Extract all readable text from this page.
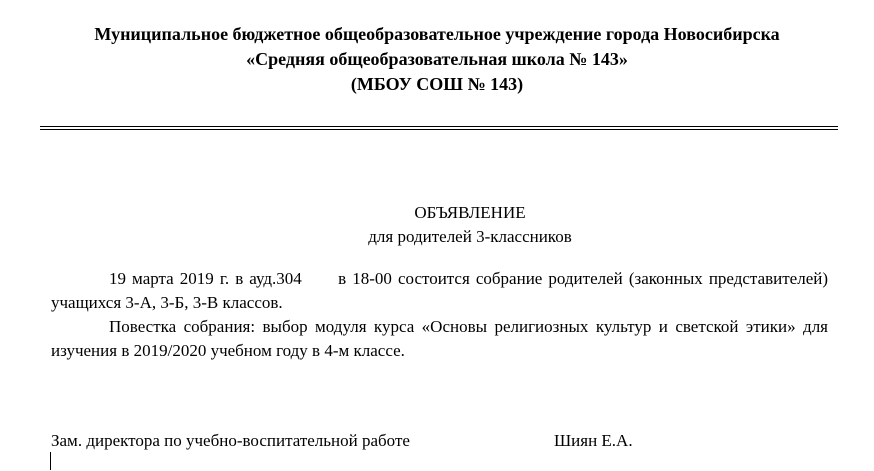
Муниципальное бюджетное общеобразовательное учреждение города Новосибирска
«Средняя общеобразовательная школа № 143»
(МБОУ СОШ № 143)
ОБЪЯВЛЕНИЕ
для родителей 3-классников

19 марта 2019 г. в ауд.304 в 18-00 состоится собрание родителей (законных представителей) учащихся 3-А, 3-Б, 3-В классов.

Повестка собрания: выбор модуля курса «Основы религиозных культур и светской этики» для изучения в 2019/2020 учебном году в 4-м классе.

Зам. директора по учебно-воспитательной работе	Шиян Е.А.
